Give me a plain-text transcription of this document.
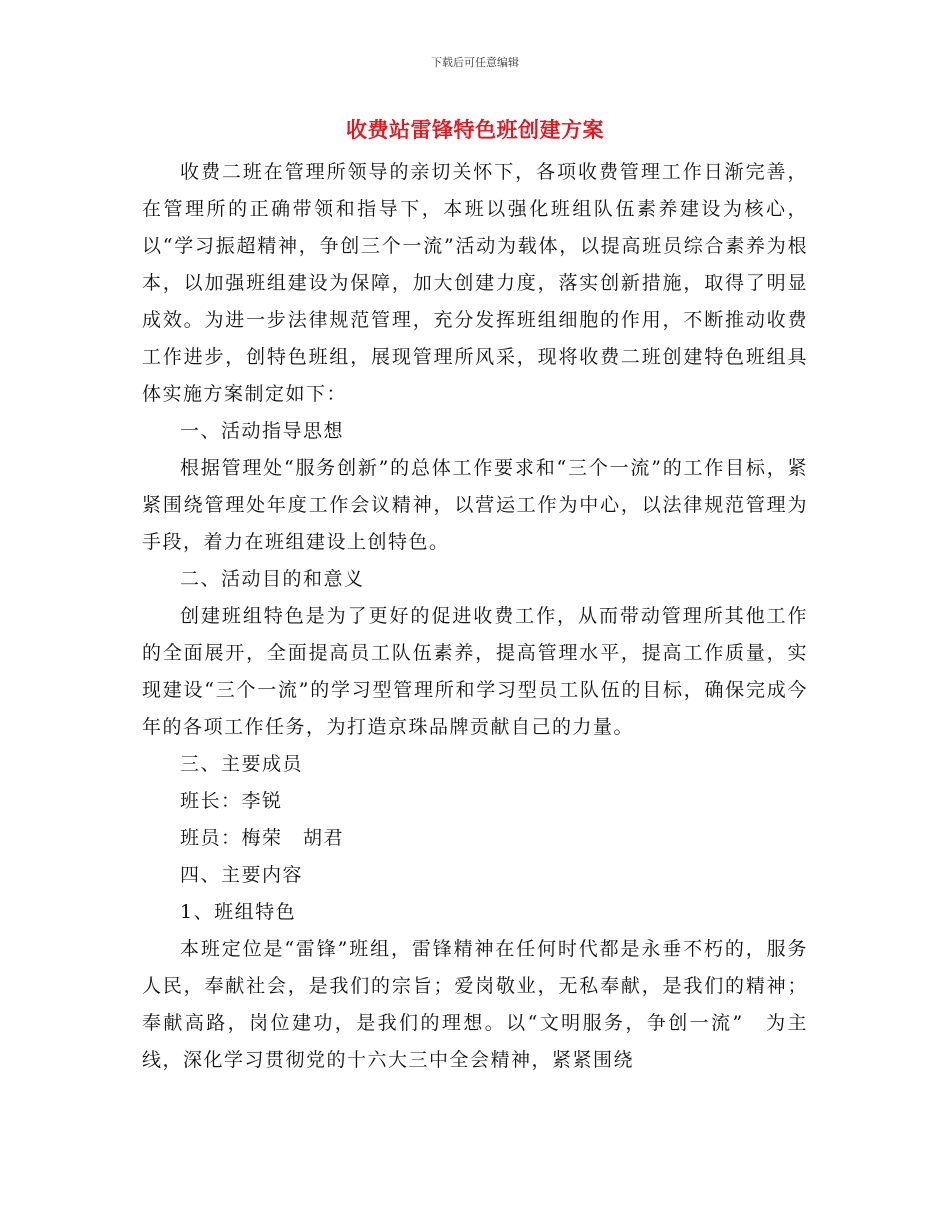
下载后可任意编辑
收费站雷锋特色班创建方案

收费二班在管理所领导的亲切关怀下，各项收费管理工作日渐完善，在管理所的正确带领和指导下，本班以强化班组队伍素养建设为核心，以“学习振超精神，争创三个一流”活动为载体，以提高班员综合素养为根本，以加强班组建设为保障，加大创建力度，落实创新措施，取得了明显成效。为进一步法律规范管理，充分发挥班组细胞的作用，不断推动收费工作进步，创特色班组，展现管理所风采，现将收费二班创建特色班组具体实施方案制定如下：

一、活动指导思想

根据管理处“服务创新”的总体工作要求和“三个一流”的工作目标，紧紧围绕管理处年度工作会议精神，以营运工作为中心，以法律规范管理为手段，着力在班组建设上创特色。

二、活动目的和意义

创建班组特色是为了更好的促进收费工作，从而带动管理所其他工作的全面展开，全面提高员工队伍素养，提高管理水平，提高工作质量，实现建设“三个一流”的学习型管理所和学习型员工队伍的目标，确保完成今年的各项工作任务，为打造京珠品牌贡献自己的力量。

三、主要成员

班长：李锐

班员：梅荣　胡君

四、主要内容

1、班组特色

本班定位是“雷锋”班组，雷锋精神在任何时代都是永垂不朽的，服务人民，奉献社会，是我们的宗旨；爱岗敬业，无私奉献，是我们的精神；奉献高路，岗位建功，是我们的理想。以“文明服务，争创一流”　为主线，深化学习贯彻党的十六大三中全会精神，紧紧围绕
